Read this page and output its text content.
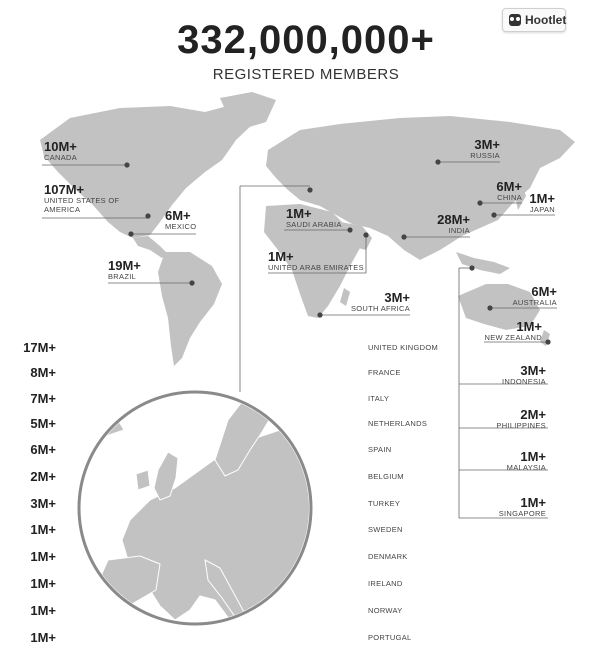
332,000,000+
REGISTERED MEMBERS
Hootlet
10M+
CANADA
107M+
UNITED STATES OF AMERICA	6M+
MEXICO
19M+
BRAZIL
1M+
SAUDI ARABIA
1M+
UNITED ARAB EMIRATES
3M+
SOUTH AFRICA
3M+
RUSSIA
6M+
CHINA 1M+
JAPAN
28M+
INDIA
6M+
AUSTRALIA
1M+
NEW ZEALAND
3M+
INDONESIA
2M+
PHILIPPINES
1M+
MALAYSIA
1M+
SINGAPORE
17M+	UNITED KINGDOM
8M+	FRANCE
7M+	ITALY
5M+	NETHERLANDS
6M+	SPAIN
2M+	BELGIUM
3M+	TURKEY
1M+	SWEDEN
1M+	DENMARK
1M+	IRELAND
1M+	NORWAY
1M+	PORTUGAL
